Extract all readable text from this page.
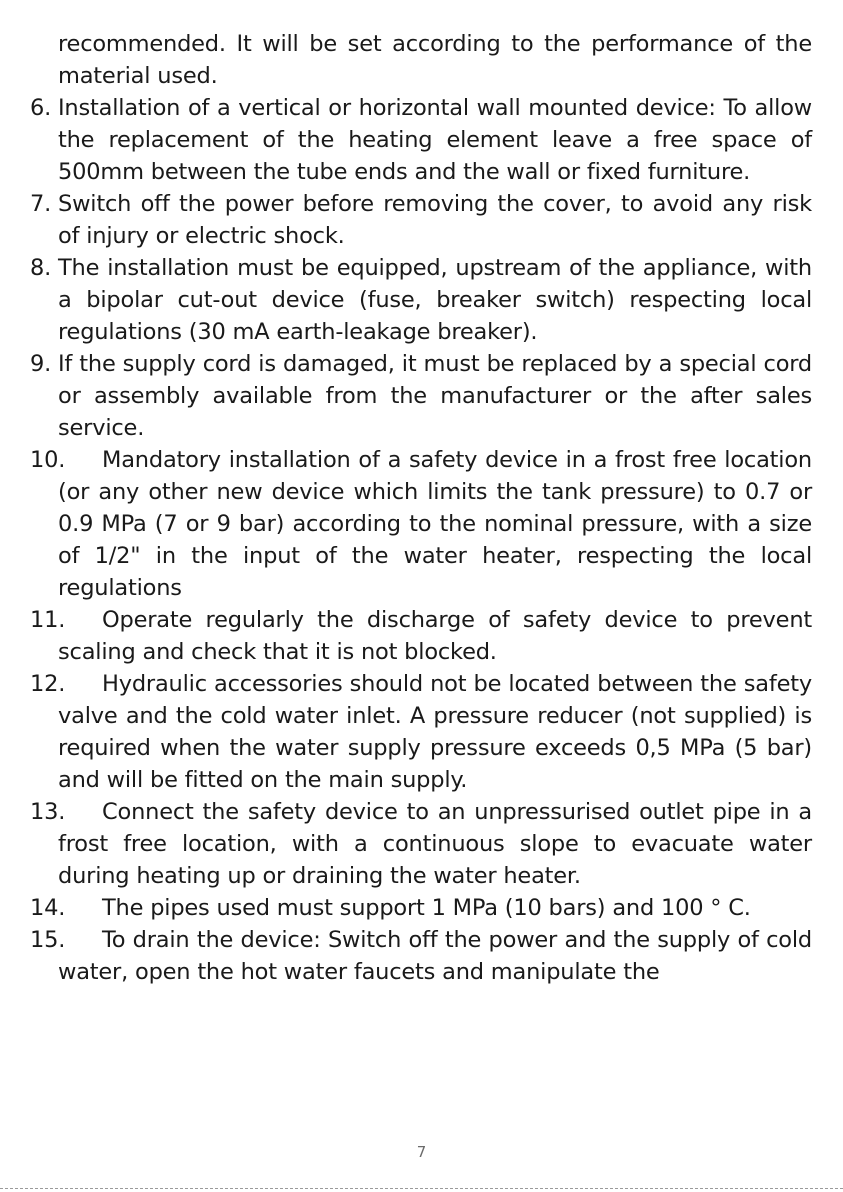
recommended. It will be set according to the performance of the material used.
6. Installation of a vertical or horizontal wall mounted device: To allow the replacement of the heating element leave a free space of 500mm between the tube ends and the wall or fixed furniture.
7. Switch off the power before removing the cover, to avoid any risk of injury or electric shock.
8. The installation must be equipped, upstream of the appliance, with a bipolar cut-out device (fuse, breaker switch) respecting local regulations (30 mA earth-leakage breaker).
9. If the supply cord is damaged, it must be replaced by a special cord or assembly available from the manufacturer or the after sales service.
10.	Mandatory installation of a safety device in a frost free location (or any other new device which limits the tank pressure) to 0.7 or 0.9 MPa (7 or 9 bar) according to the nominal pressure, with a size of 1/2" in the input of the water heater, respecting the local regulations
11.	Operate regularly the discharge of safety device to prevent scaling and check that it is not blocked.
12.	Hydraulic accessories should not be located between the safety valve and the cold water inlet. A pressure reducer (not supplied) is required when the water supply pressure exceeds 0,5 MPa (5 bar) and will be fitted on the main supply.
13.	Connect the safety device to an unpressurised outlet pipe in a frost free location, with a continuous slope to evacuate water during heating up or draining the water heater.
14.	The pipes used must support 1 MPa (10 bars) and 100 ° C.
15.	To drain the device: Switch off the power and the supply of cold water, open the hot water faucets and manipulate the
7
